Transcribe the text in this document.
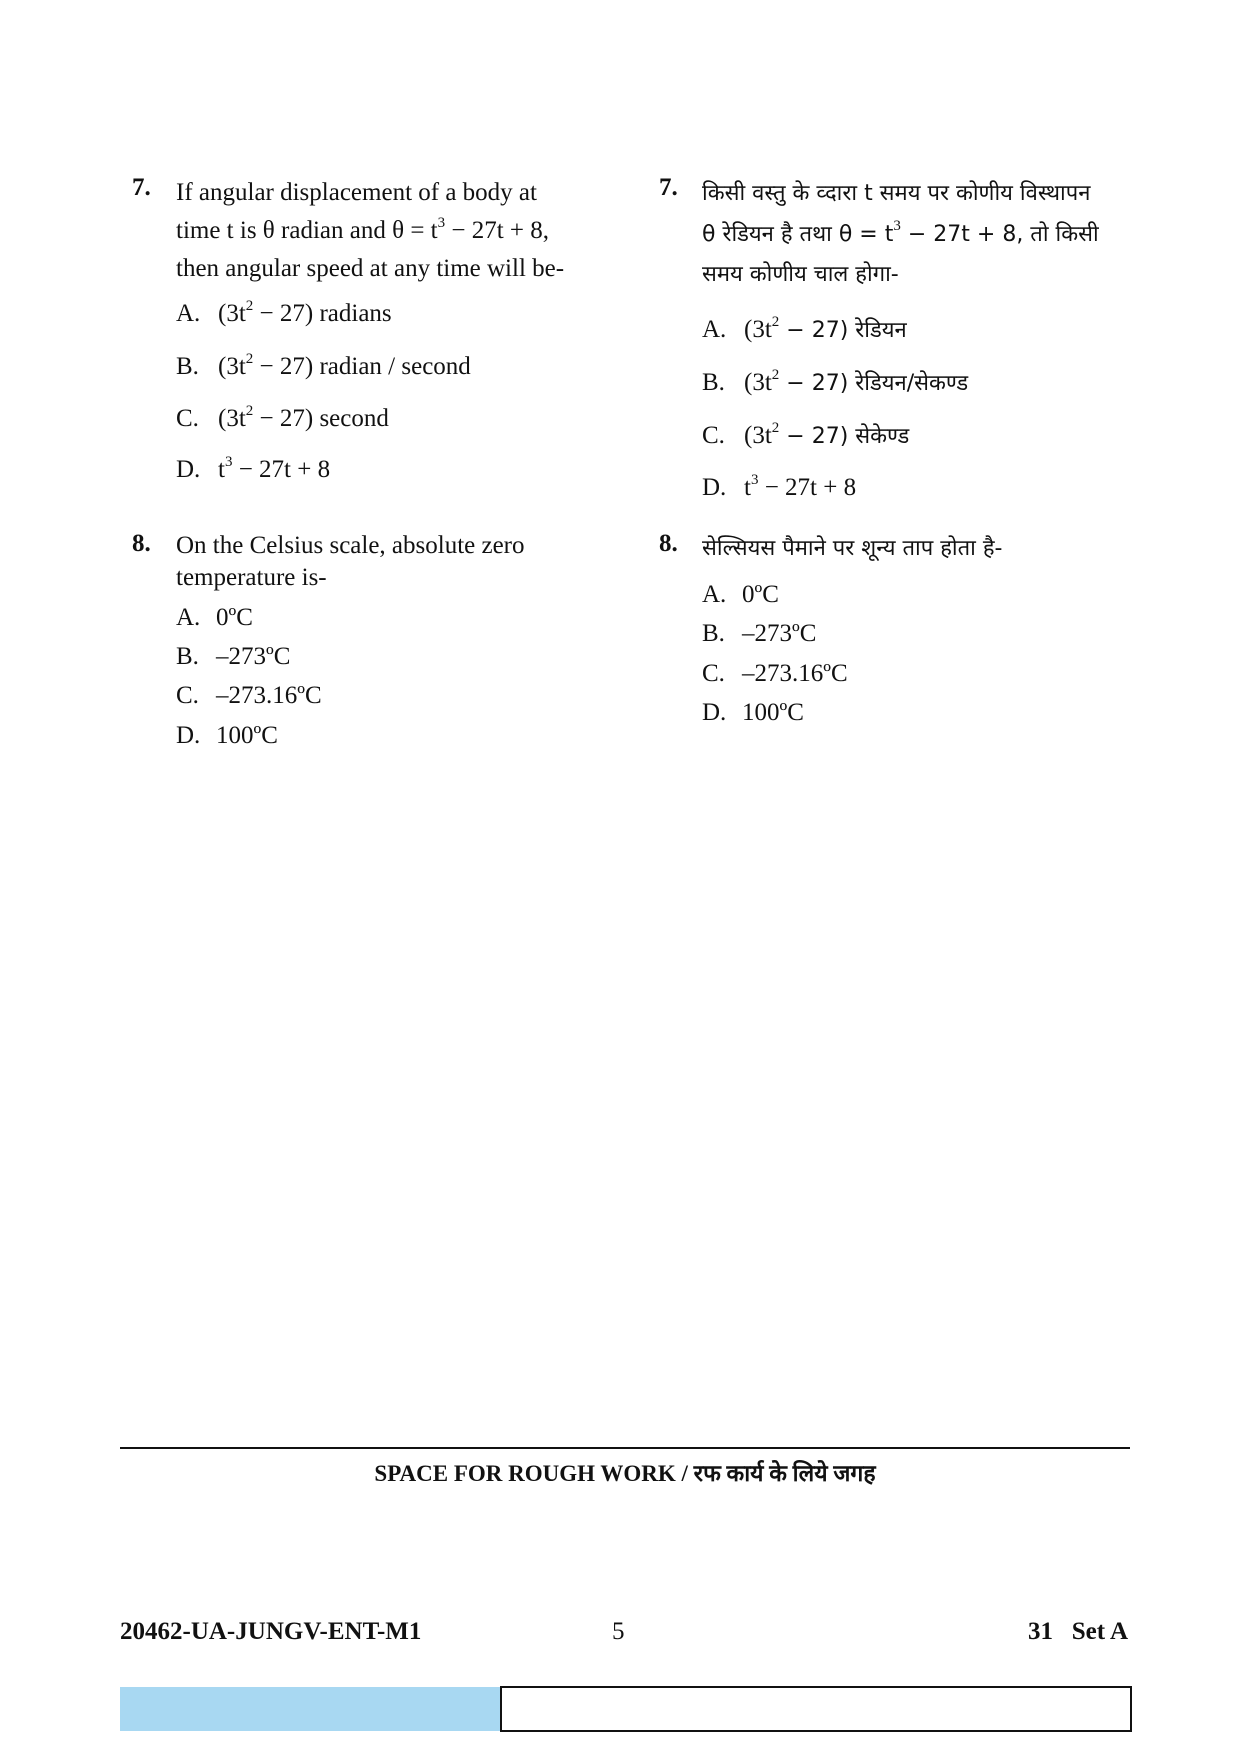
7. If angular displacement of a body at
time t is θ radian and $\theta = t^3 - 27t + 8$,
then angular speed at any time will be-
A. $(3t^2 - 27)$ radians
B. $(3t^2 - 27)$ radian / second
C. $(3t^2 - 27)$ second
D. $t^3 - 27t + 8$
8. On the Celsius scale, absolute zero
temperature is-
A. 0ºC
B. –273ºC
C. –273.16ºC
D. 100ºC
7. किसी वस्तु के व्दारा t समय पर कोणीय विस्थापन
θ रेडियन है तथा $\theta = t^3 - 27t + 8$, तो किसी
समय कोणीय चाल होगा-
A. $(3t^2 - 27)$ रेडियन
B. $(3t^2 - 27)$ रेडियन/सेकण्ड
C. $(3t^2 - 27)$ सेकेण्ड
D. $t^3 - 27t + 8$
8. सेल्सियस पैमाने पर शून्य ताप होता है-
A. 0ºC
B. –273ºC
C. –273.16ºC
D. 100ºC
SPACE FOR ROUGH WORK / रफ कार्य के लिये जगह
20462-UA-JUNGV-ENT-M1	5	31   Set A
